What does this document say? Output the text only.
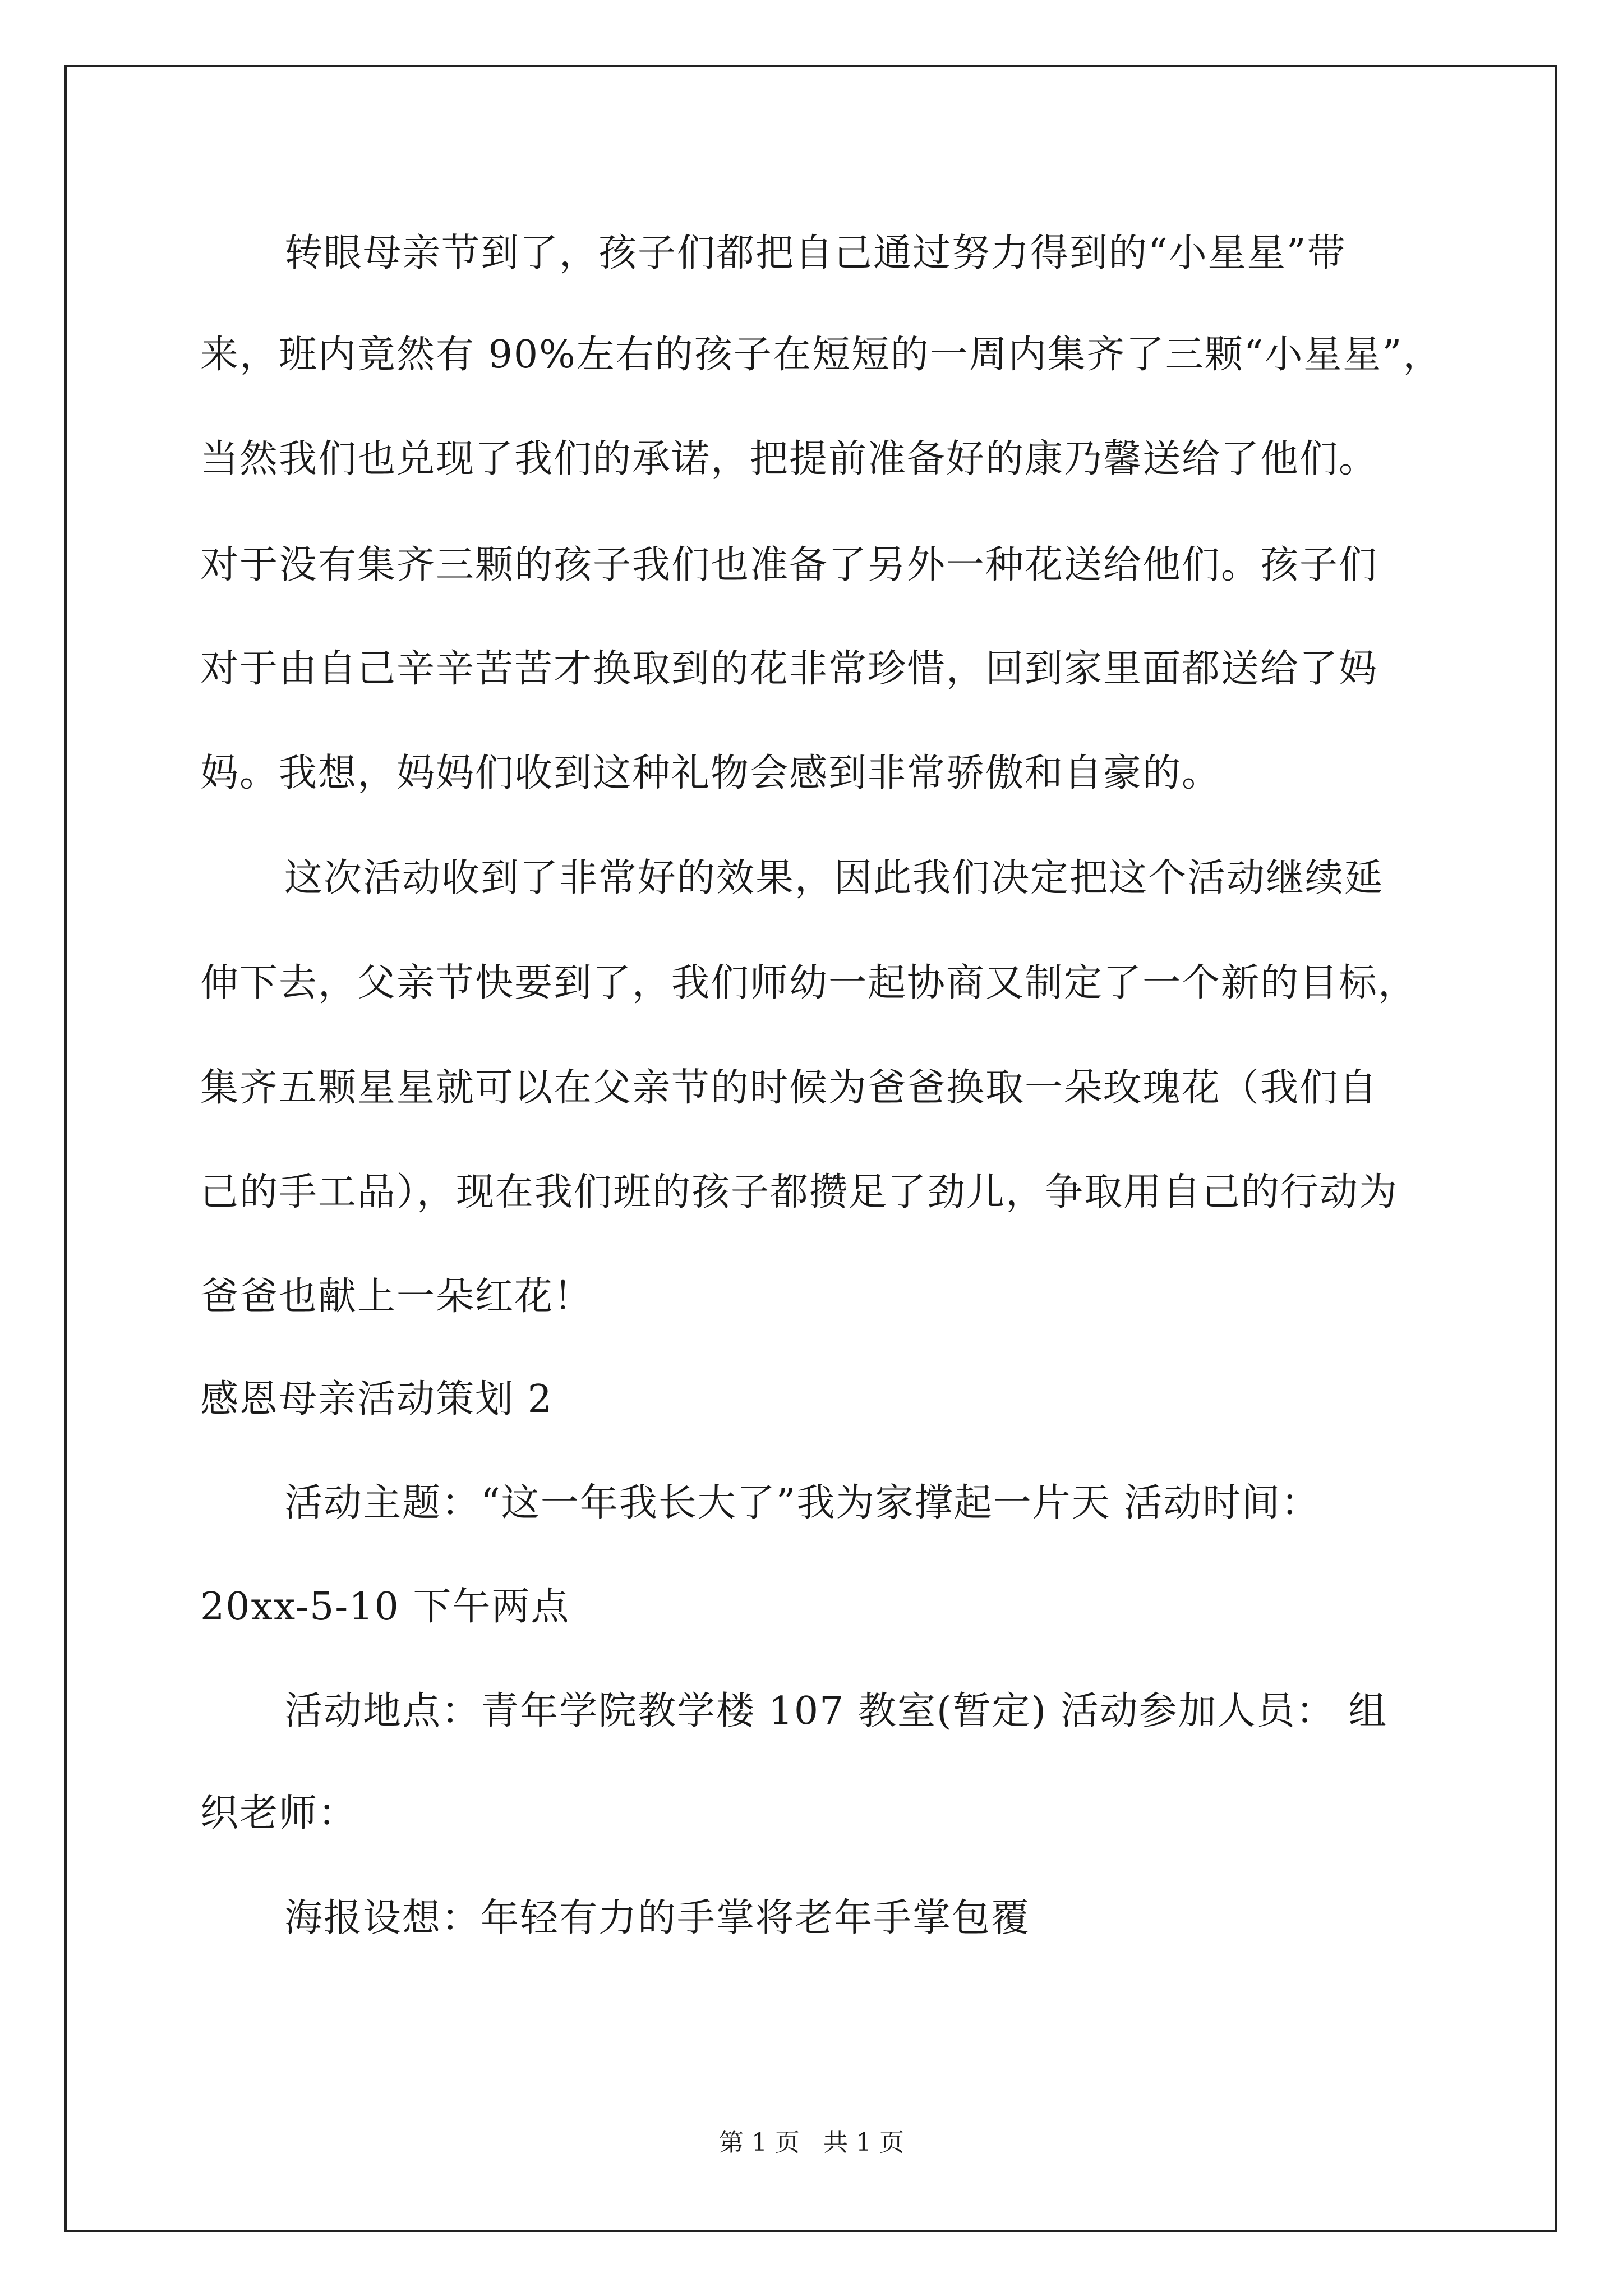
转眼母亲节到了，孩子们都把自己通过努力得到的“小星星”带
来，班内竟然有 90%左右的孩子在短短的一周内集齐了三颗“小星星”，
当然我们也兑现了我们的承诺，把提前准备好的康乃馨送给了他们。
对于没有集齐三颗的孩子我们也准备了另外一种花送给他们。孩子们
对于由自己辛辛苦苦才换取到的花非常珍惜，回到家里面都送给了妈
妈。我想，妈妈们收到这种礼物会感到非常骄傲和自豪的。
这次活动收到了非常好的效果，因此我们决定把这个活动继续延
伸下去，父亲节快要到了，我们师幼一起协商又制定了一个新的目标，
集齐五颗星星就可以在父亲节的时候为爸爸换取一朵玫瑰花（我们自
己的手工品），现在我们班的孩子都攒足了劲儿，争取用自己的行动为
爸爸也献上一朵红花！
感恩母亲活动策划 2
活动主题：“这一年我长大了”我为家撑起一片天 活动时间：
20xx-5-10 下午两点
活动地点：青年学院教学楼 107 教室(暂定) 活动参加人员： 组
织老师：
海报设想：年轻有力的手掌将老年手掌包覆
第 1 页   共 1 页
